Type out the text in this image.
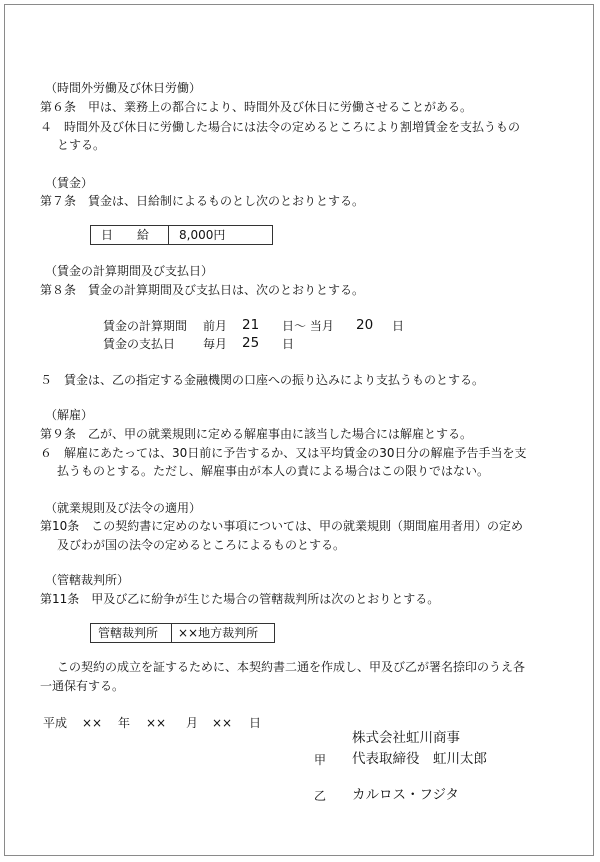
（時間外労働及び休日労働）
第６条　甲は、業務上の都合により、時間外及び休日に労働させることがある。
４　時間外及び休日に労働した場合には法令の定めるところにより割増賃金を支払うもの
とする。
（賃金）
第７条　賃金は、日給制によるものとし次のとおりとする。
日　　給 8,000円
（賃金の計算期間及び支払日）
第８条　賃金の計算期間及び支払日は、次のとおりとする。
賃金の計算期間 前月 21 日～ 当月 20 日
賃金の支払日 毎月 25 日
５　賃金は、乙の指定する金融機関の口座への振り込みにより支払うものとする。
（解雇）
第９条　乙が、甲の就業規則に定める解雇事由に該当した場合には解雇とする。
６　解雇にあたっては、30日前に予告するか、又は平均賃金の30日分の解雇予告手当を支
払うものとする。ただし、解雇事由が本人の責による場合はこの限りではない。
（就業規則及び法令の適用）
第10条　この契約書に定めのない事項については、甲の就業規則（期間雇用者用）の定め
及びわが国の法令の定めるところによるものとする。
（管轄裁判所）
第11条　甲及び乙に紛争が生じた場合の管轄裁判所は次のとおりとする。
管轄裁判所 ××地方裁判所
この契約の成立を証するために、本契約書二通を作成し、甲及び乙が署名捺印のうえ各
一通保有する。
平成 ×× 年 ×× 月 ×× 日
株式会社虹川商事
甲 代表取締役　虹川太郎
乙 カルロス・フジタ
